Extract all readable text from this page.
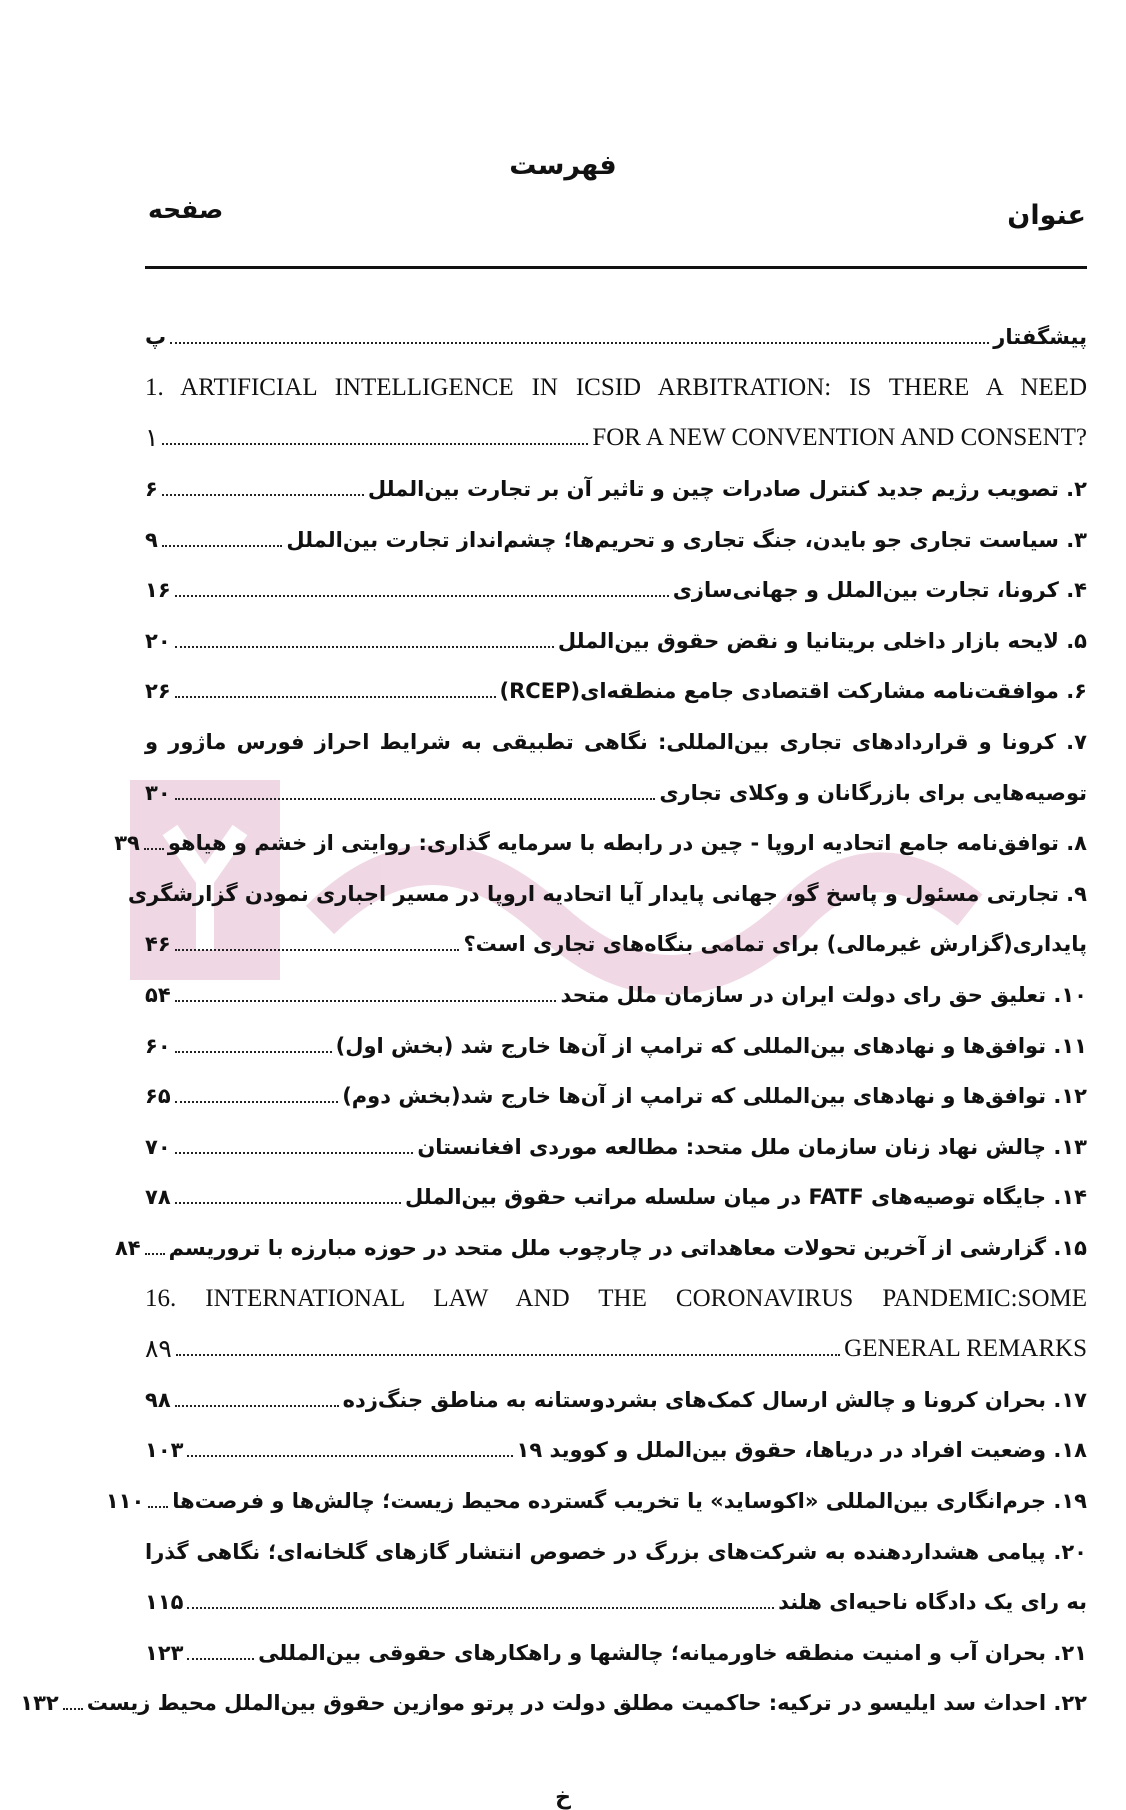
فهرست
عنوان
صفحه
پیشگفتار
پ
1. ARTIFICIAL INTELLIGENCE IN ICSID ARBITRATION: IS THERE A NEED
FOR A NEW CONVENTION AND CONSENT?
۱
۲. تصویب رژیم جدید کنترل صادرات چین و تاثیر آن بر تجارت بین‌الملل
۶
۳. سیاست تجاری جو بایدن، جنگ تجاری و تحریم‌ها؛ چشم‌انداز تجارت بین‌الملل
۹
۴. کرونا، تجارت بین‌الملل و جهانی‌سازی
۱۶
۵. لایحه بازار داخلی بریتانیا و نقض حقوق بین‌الملل
۲۰
۶. موافقت‌نامه مشارکت اقتصادی جامع منطقه‌ای(RCEP)
۲۶
۷. کرونا و قراردادهای تجاری بین‌المللی: نگاهی تطبیقی به شرایط احراز فورس ماژور و
توصیه‌هایی برای بازرگانان و وکلای تجاری
۳۰
۸. توافق‌نامه جامع اتحادیه اروپا - چین در رابطه با سرمایه گذاری: روایتی از خشم و هیاهو
۳۹
۹. تجارتی مسئول و پاسخ گو، جهانی پایدار آیا اتحادیه اروپا در مسیر اجباری نمودن گزارشگری
پایداری(گزارش غیرمالی) برای تمامی بنگاه‌های تجاری است؟
۴۶
۱۰. تعلیق حق رای دولت ایران در سازمان ملل متحد
۵۴
۱۱. توافق‌ها و نهادهای بین‌المللی که ترامپ از آن‌ها خارج شد (بخش اول)
۶۰
۱۲. توافق‌ها و نهادهای بین‌المللی که ترامپ از آن‌ها خارج شد(بخش دوم)
۶۵
۱۳. چالش نهاد زنان سازمان ملل متحد: مطالعه موردی افغانستان
۷۰
۱۴. جایگاه توصیه‌های FATF در میان سلسله مراتب حقوق بین‌الملل
۷۸
۱۵. گزارشی از آخرین تحولات معاهداتی در چارچوب ملل متحد در حوزه مبارزه با تروریسم
۸۴
16. INTERNATIONAL LAW AND THE CORONAVIRUS PANDEMIC:SOME
GENERAL REMARKS
۸۹
۱۷. بحران کرونا و چالش ارسال کمک‌های بشردوستانه به مناطق جنگ‌زده
۹۸
۱۸. وضعیت افراد در دریاها، حقوق بین‌الملل و کووید ۱۹
۱۰۳
۱۹. جرم‌انگاری بین‌المللی «اکوساید» یا تخریب گسترده محیط زیست؛ چالش‌ها و فرصت‌ها
۱۱۰
۲۰. پیامی هشداردهنده به شرکت‌های بزرگ در خصوص انتشار گازهای گلخانه‌ای؛ نگاهی گذرا
به رای یک دادگاه ناحیه‌ای هلند
۱۱۵
۲۱. بحران آب و امنیت منطقه خاورمیانه؛ چالشها و راهکارهای حقوقی بین‌المللی
۱۲۳
۲۲. احداث سد ایلیسو در ترکیه: حاکمیت مطلق دولت در پرتو موازین حقوق بین‌الملل محیط زیست
۱۳۲
خ
